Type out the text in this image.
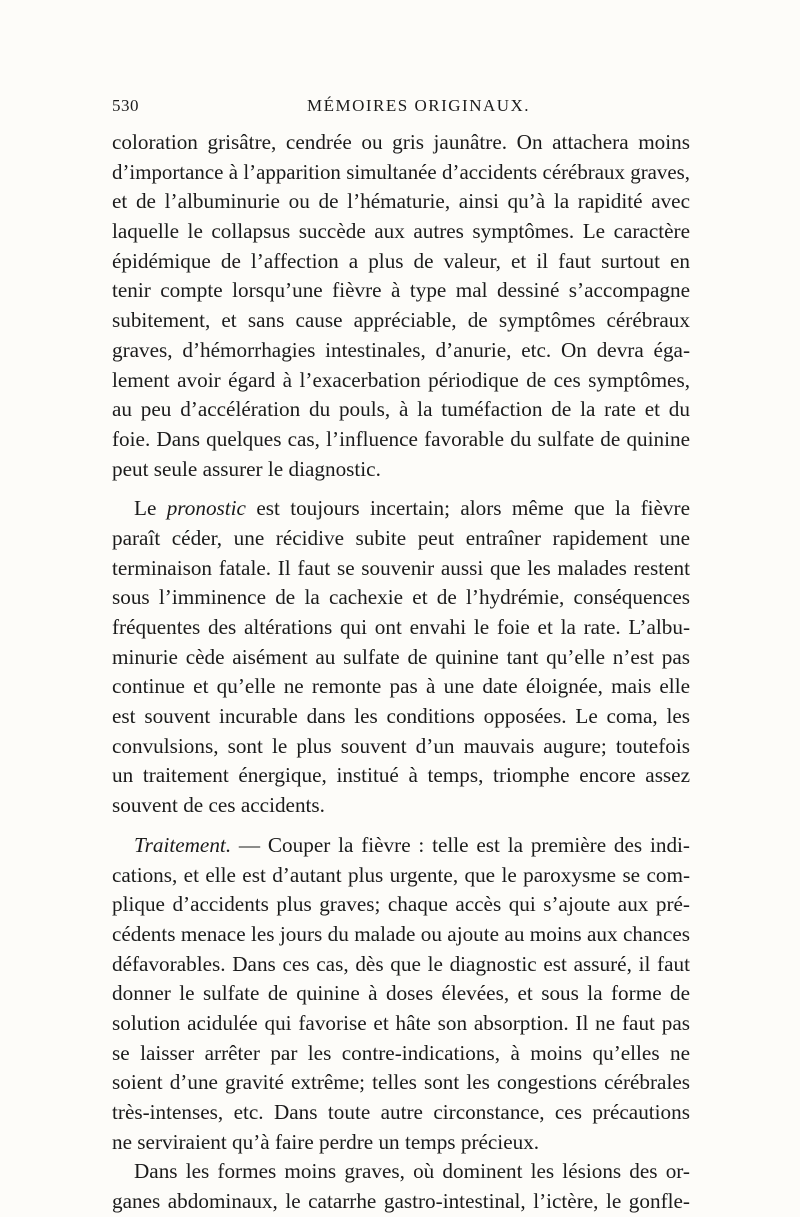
530	MÉMOIRES ORIGINAUX.
coloration grisâtre, cendrée ou gris jaunâtre. On attachera moins
d’importance à l’apparition simultanée d’accidents cérébraux graves,
et de l’albuminurie ou de l’hématurie, ainsi qu’à la rapidité avec
laquelle le collapsus succède aux autres symptômes. Le caractère
épidémique de l’affection a plus de valeur, et il faut surtout en
tenir compte lorsqu’une fièvre à type mal dessiné s’accompagne
subitement, et sans cause appréciable, de symptômes cérébraux
graves, d’hémorrhagies intestinales, d’anurie, etc. On devra éga-
lement avoir égard à l’exacerbation périodique de ces symptômes,
au peu d’accélération du pouls, à la tuméfaction de la rate et du
foie. Dans quelques cas, l’influence favorable du sulfate de quinine
peut seule assurer le diagnostic.
Le pronostic est toujours incertain; alors même que la fièvre
paraît céder, une récidive subite peut entraîner rapidement une
terminaison fatale. Il faut se souvenir aussi que les malades restent
sous l’imminence de la cachexie et de l’hydrémie, conséquences
fréquentes des altérations qui ont envahi le foie et la rate. L’albu-
minurie cède aisément au sulfate de quinine tant qu’elle n’est pas
continue et qu’elle ne remonte pas à une date éloignée, mais elle
est souvent incurable dans les conditions opposées. Le coma, les
convulsions, sont le plus souvent d’un mauvais augure; toutefois
un traitement énergique, institué à temps, triomphe encore assez
souvent de ces accidents.
Traitement. — Couper la fièvre : telle est la première des indi-
cations, et elle est d’autant plus urgente, que le paroxysme se com-
plique d’accidents plus graves; chaque accès qui s’ajoute aux pré-
cédents menace les jours du malade ou ajoute au moins aux chances
défavorables. Dans ces cas, dès que le diagnostic est assuré, il faut
donner le sulfate de quinine à doses élevées, et sous la forme de
solution acidulée qui favorise et hâte son absorption. Il ne faut pas
se laisser arrêter par les contre-indications, à moins qu’elles ne
soient d’une gravité extrême; telles sont les congestions cérébrales
très-intenses, etc. Dans toute autre circonstance, ces précautions
ne serviraient qu’à faire perdre un temps précieux.
Dans les formes moins graves, où dominent les lésions des or-
ganes abdominaux, le catarrhe gastro-intestinal, l’ictère, le gonfle-
